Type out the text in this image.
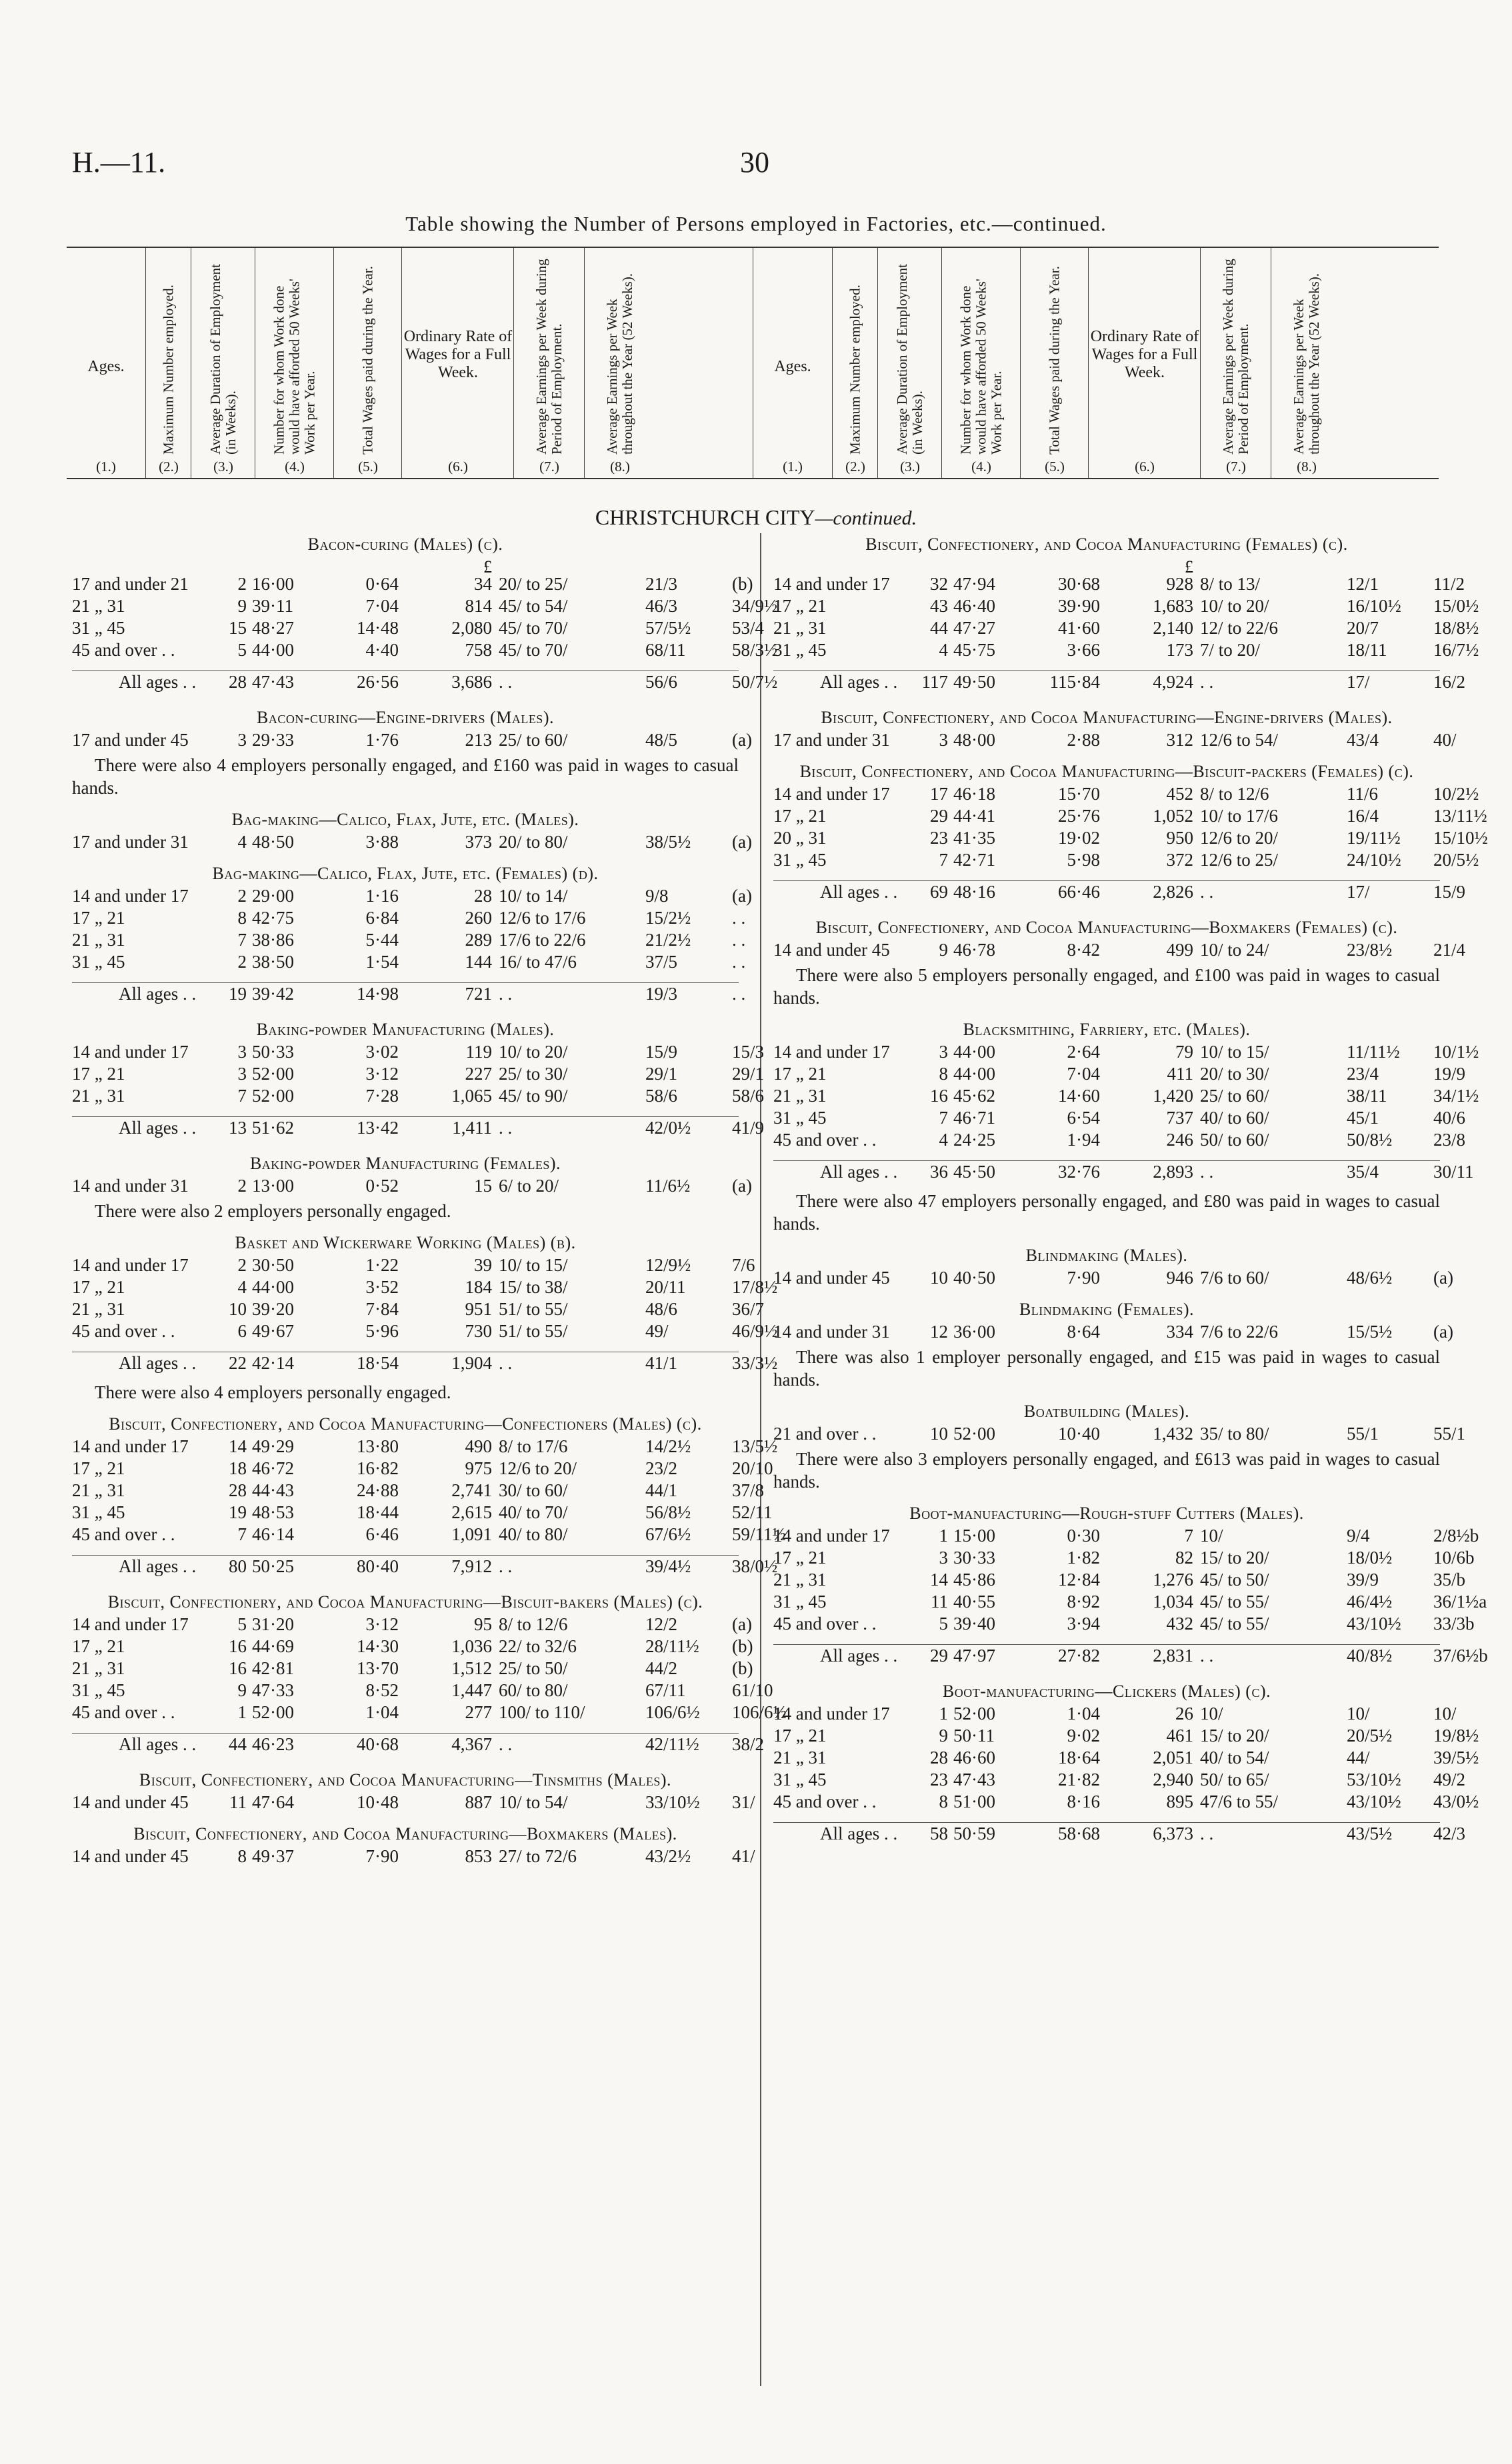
H.—11.	30
Table showing the Number of Persons employed in Factories, etc.—continued.
Ages.
(1.)
Maximum Number employed.
(2.)
Average Duration of Employment (in Weeks).
(3.)
Number for whom Work done would have afforded 50 Weeks' Work per Year.
(4.)
Total Wages paid during the Year.
(5.)
Ordinary Rate of Wages for a Full Week.
(6.)
Average Earnings per Week during Period of Employment.
(7.)
Average Earnings per Week throughout the Year (52 Weeks).
(8.)
Ages.
(1.)
Maximum Number employed.
(2.)
Average Duration of Employment (in Weeks).
(3.)
Number for whom Work done would have afforded 50 Weeks' Work per Year.
(4.)
Total Wages paid during the Year.
(5.)
Ordinary Rate of Wages for a Full Week.
(6.)
Average Earnings per Week during Period of Employment.
(7.)
Average Earnings per Week throughout the Year (52 Weeks).
(8.)
CHRISTCHURCH CITY—continued.
Bacon-curing (Males) (c).
£
17 and under 21	2 16·00	0·64	34 20/ to 25/	21/3	(b)
21 „ 31	9 39·11	7·04	814 45/ to 54/	46/3	34/9½
31 „ 45	15 48·27	14·48	2,080 45/ to 70/	57/5½	53/4
45 and over . .	5 44·00	4·40	758 45/ to 70/	68/11	58/3½
All ages . .	28 47·43	26·56	3,686 . .	56/6	50/7½
Bacon-curing—Engine-drivers (Males).
17 and under 45	3 29·33	1·76	213 25/ to 60/	48/5	(a)
There were also 4 employers personally engaged, and £160 was paid in wages to casual hands.
Bag-making—Calico, Flax, Jute, etc. (Males).
17 and under 31	4 48·50	3·88	373 20/ to 80/	38/5½	(a)
Bag-making—Calico, Flax, Jute, etc. (Females) (d).
14 and under 17	2 29·00	1·16	28 10/ to 14/	9/8	(a)
17 „ 21	8 42·75	6·84	260 12/6 to 17/6	15/2½	. .
21 „ 31	7 38·86	5·44	289 17/6 to 22/6	21/2½	. .
31 „ 45	2 38·50	1·54	144 16/ to 47/6	37/5	. .
All ages . .	19 39·42	14·98	721 . .	19/3	. .
Baking-powder Manufacturing (Males).
14 and under 17	3 50·33	3·02	119 10/ to 20/	15/9	15/3
17 „ 21	3 52·00	3·12	227 25/ to 30/	29/1	29/1
21 „ 31	7 52·00	7·28	1,065 45/ to 90/	58/6	58/6
All ages . .	13 51·62	13·42	1,411 . .	42/0½	41/9
Baking-powder Manufacturing (Females).
14 and under 31	2 13·00	0·52	15 6/ to 20/	11/6½	(a)
There were also 2 employers personally engaged.
Basket and Wickerware Working (Males) (b).
14 and under 17	2 30·50	1·22	39 10/ to 15/	12/9½	7/6
17 „ 21	4 44·00	3·52	184 15/ to 38/	20/11	17/8½
21 „ 31	10 39·20	7·84	951 51/ to 55/	48/6	36/7
45 and over . .	6 49·67	5·96	730 51/ to 55/	49/	46/9½
All ages . .	22 42·14	18·54	1,904 . .	41/1	33/3½
There were also 4 employers personally engaged.
Biscuit, Confectionery, and Cocoa Manufacturing—Confectioners (Males) (c).
14 and under 17	14 49·29	13·80	490 8/ to 17/6	14/2½	13/5½
17 „ 21	18 46·72	16·82	975 12/6 to 20/	23/2	20/10
21 „ 31	28 44·43	24·88	2,741 30/ to 60/	44/1	37/8
31 „ 45	19 48·53	18·44	2,615 40/ to 70/	56/8½	52/11
45 and over . .	7 46·14	6·46	1,091 40/ to 80/	67/6½	59/11½
All ages . .	80 50·25	80·40	7,912 . .	39/4½	38/0½
Biscuit, Confectionery, and Cocoa Manufacturing—Biscuit-bakers (Males) (c).
14 and under 17	5 31·20	3·12	95 8/ to 12/6	12/2	(a)
17 „ 21	16 44·69	14·30	1,036 22/ to 32/6	28/11½	(b)
21 „ 31	16 42·81	13·70	1,512 25/ to 50/	44/2	(b)
31 „ 45	9 47·33	8·52	1,447 60/ to 80/	67/11	61/10
45 and over . .	1 52·00	1·04	277 100/ to 110/	106/6½	106/6½
All ages . .	44 46·23	40·68	4,367 . .	42/11½	38/2
Biscuit, Confectionery, and Cocoa Manufacturing—Tinsmiths (Males).
14 and under 45	11 47·64	10·48	887 10/ to 54/	33/10½	31/
Biscuit, Confectionery, and Cocoa Manufacturing—Boxmakers (Males).
14 and under 45	8 49·37	7·90	853 27/ to 72/6	43/2½	41/
Biscuit, Confectionery, and Cocoa Manufacturing (Females) (c).
£
14 and under 17	32 47·94	30·68	928 8/ to 13/	12/1	11/2
17 „ 21	43 46·40	39·90	1,683 10/ to 20/	16/10½	15/0½
21 „ 31	44 47·27	41·60	2,140 12/ to 22/6	20/7	18/8½
31 „ 45	4 45·75	3·66	173 7/ to 20/	18/11	16/7½
All ages . .	117 49·50	115·84	4,924 . .	17/	16/2
Biscuit, Confectionery, and Cocoa Manufacturing—Engine-drivers (Males).
17 and under 31	3 48·00	2·88	312 12/6 to 54/	43/4	40/
Biscuit, Confectionery, and Cocoa Manufacturing—Biscuit-packers (Females) (c).
14 and under 17	17 46·18	15·70	452 8/ to 12/6	11/6	10/2½
17 „ 21	29 44·41	25·76	1,052 10/ to 17/6	16/4	13/11½
20 „ 31	23 41·35	19·02	950 12/6 to 20/	19/11½	15/10½
31 „ 45	7 42·71	5·98	372 12/6 to 25/	24/10½	20/5½
All ages . .	69 48·16	66·46	2,826 . .	17/	15/9
Biscuit, Confectionery, and Cocoa Manufacturing—Boxmakers (Females) (c).
14 and under 45	9 46·78	8·42	499 10/ to 24/	23/8½	21/4
There were also 5 employers personally engaged, and £100 was paid in wages to casual hands.
Blacksmithing, Farriery, etc. (Males).
14 and under 17	3 44·00	2·64	79 10/ to 15/	11/11½	10/1½
17 „ 21	8 44·00	7·04	411 20/ to 30/	23/4	19/9
21 „ 31	16 45·62	14·60	1,420 25/ to 60/	38/11	34/1½
31 „ 45	7 46·71	6·54	737 40/ to 60/	45/1	40/6
45 and over . .	4 24·25	1·94	246 50/ to 60/	50/8½	23/8
All ages . .	36 45·50	32·76	2,893 . .	35/4	30/11
There were also 47 employers personally engaged, and £80 was paid in wages to casual hands.
Blindmaking (Males).
14 and under 45	10 40·50	7·90	946 7/6 to 60/	48/6½	(a)
Blindmaking (Females).
14 and under 31	12 36·00	8·64	334 7/6 to 22/6	15/5½	(a)
There was also 1 employer personally engaged, and £15 was paid in wages to casual hands.
Boatbuilding (Males).
21 and over . .	10 52·00	10·40	1,432 35/ to 80/	55/1	55/1
There were also 3 employers personally engaged, and £613 was paid in wages to casual hands.
Boot-manufacturing—Rough-stuff Cutters (Males).
14 and under 17	1 15·00	0·30	7 10/	9/4	2/8½b
17 „ 21	3 30·33	1·82	82 15/ to 20/	18/0½	10/6b
21 „ 31	14 45·86	12·84	1,276 45/ to 50/	39/9	35/b
31 „ 45	11 40·55	8·92	1,034 45/ to 55/	46/4½	36/1½a
45 and over . .	5 39·40	3·94	432 45/ to 55/	43/10½	33/3b
All ages . .	29 47·97	27·82	2,831 . .	40/8½	37/6½b
Boot-manufacturing—Clickers (Males) (c).
14 and under 17	1 52·00	1·04	26 10/	10/	10/
17 „ 21	9 50·11	9·02	461 15/ to 20/	20/5½	19/8½
21 „ 31	28 46·60	18·64	2,051 40/ to 54/	44/	39/5½
31 „ 45	23 47·43	21·82	2,940 50/ to 65/	53/10½	49/2
45 and over . .	8 51·00	8·16	895 47/6 to 55/	43/10½	43/0½
All ages . .	58 50·59	58·68	6,373 . .	43/5½	42/3
